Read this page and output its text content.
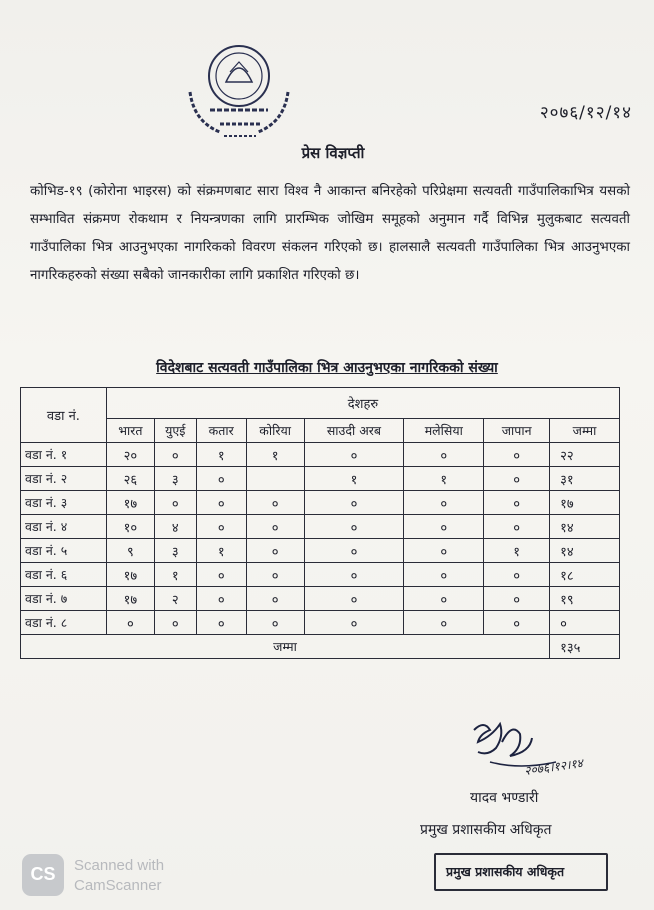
२०७६/१२/१४
प्रेस विज्ञप्ती
कोभिड-१९ (कोरोना भाइरस) को संक्रमणबाट सारा विश्व नै आकान्त बनिरहेको परिप्रेक्षमा सत्यवती गाउँपालिकाभित्र यसको सम्भावित संक्रमण रोकथाम र नियन्त्रणका लागि प्रारम्भिक जोखिम समूहको अनुमान गर्दै विभिन्न मुलुकबाट सत्यवती गाउँपालिका भित्र आउनुभएका नागरिकको विवरण संकलन गरिएको छ। हालसालै सत्यवती गाउँपालिका भित्र आउनुभएका नागरिकहरुको संख्या सबैको जानकारीका लागि प्रकाशित गरिएको छ।
विदेशबाट सत्यवती गाउँपालिका भित्र आउनुभएका नागरिकको संख्या
वडा नं.	देशहरु							
	भारत	युएई	कतार	कोरिया	साउदी अरब	मलेसिया	जापान	जम्मा
वडा नं. १	२०	०	१	१	०	०	०	२२
वडा नं. २	२६	३	०		१	१	०	३१
वडा नं. ३	१७	०	०	०	०	०	०	१७
वडा नं. ४	१०	४	०	०	०	०	०	१४
वडा नं. ५	९	३	१	०	०	०	१	१४
वडा नं. ६	१७	१	०	०	०	०	०	१८
वडा नं. ७	१७	२	०	०	०	०	०	१९
वडा नं. ८	०	०	०	०	०	०	०	०
जम्मा								१३५
२०७६।१२।१४
यादव भण्डारी
प्रमुख प्रशासकीय अधिकृत
प्रमुख प्रशासकीय अधिकृत
CS	Scanned with
CamScanner
